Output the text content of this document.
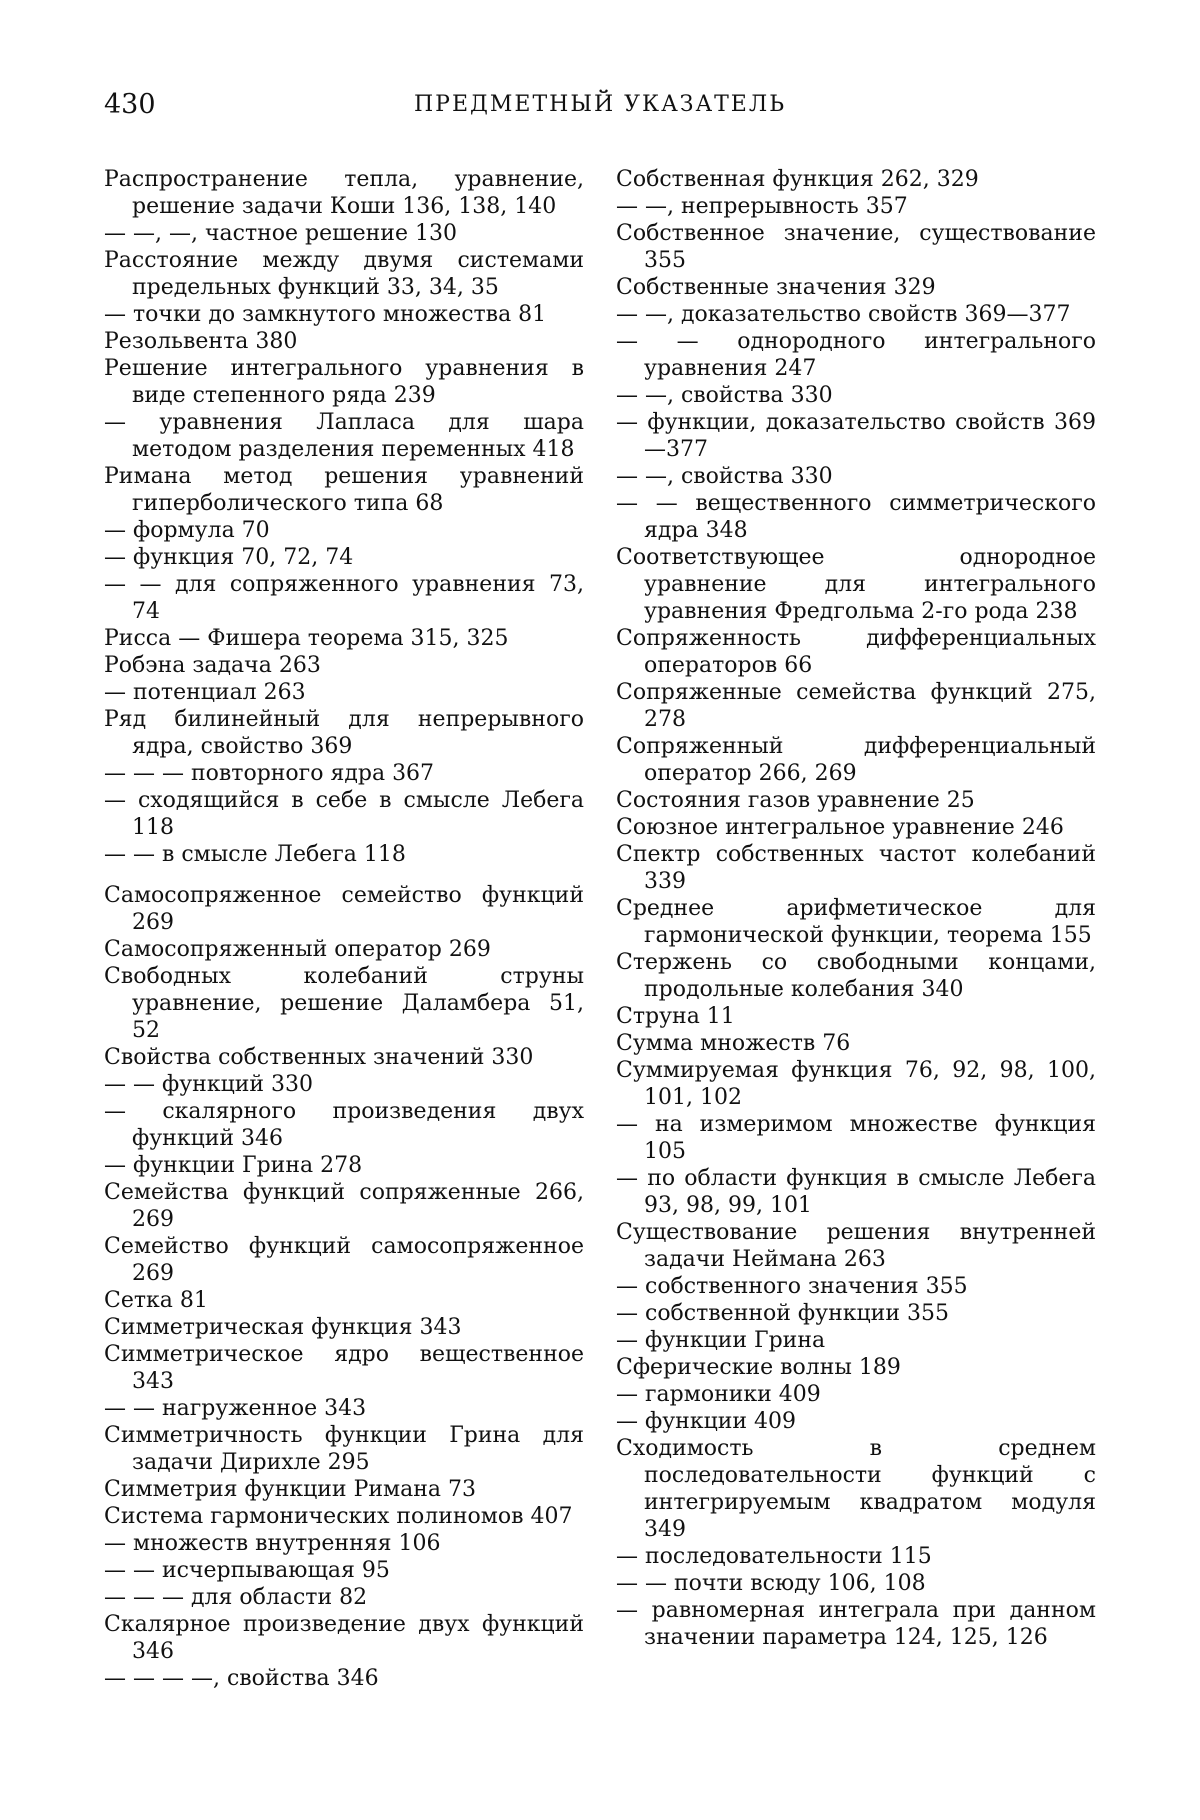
430	ПРЕДМЕТНЫЙ УКАЗАТЕЛЬ
Распространение тепла, уравнение, решение задачи Коши 136, 138, 140
— —, —, частное решение 130
Расстояние между двумя системами предельных функций 33, 34, 35
— точки до замкнутого множества 81
Резольвента 380
Решение интегрального уравнения в виде степенного ряда 239
— уравнения Лапласа для шара методом разделения переменных 418
Римана метод решения уравнений гиперболического типа 68
— формула 70
— функция 70, 72, 74
— — для сопряженного уравнения 73, 74
Рисса — Фишера теорема 315, 325
Робэна задача 263
— потенциал 263
Ряд билинейный для непрерывного ядра, свойство 369
— — — повторного ядра 367
— сходящийся в себе в смысле Лебега 118
— — в смысле Лебега 118
Самосопряженное семейство функций 269
Самосопряженный оператор 269
Свободных колебаний струны уравнение, решение Даламбера 51, 52
Свойства собственных значений 330
— — функций 330
— скалярного произведения двух функций 346
— функции Грина 278
Семейства функций сопряженные 266, 269
Семейство функций самосопряженное 269
Сетка 81
Симметрическая функция 343
Симметрическое ядро вещественное 343
— — нагруженное 343
Симметричность функции Грина для задачи Дирихле 295
Симметрия функции Римана 73
Система гармонических полиномов 407
— множеств внутренняя 106
— — исчерпывающая 95
— — — для области 82
Скалярное произведение двух функций 346
— — — —, свойства 346
Собственная функция 262, 329
— —, непрерывность 357
Собственное значение, существование 355
Собственные значения 329
— —, доказательство свойств 369—377
— — однородного интегрального уравнения 247
— —, свойства 330
— функции, доказательство свойств 369—377
— —, свойства 330
— — вещественного симметрического ядра 348
Соответствующее однородное уравнение для интегрального уравнения Фредгольма 2-го рода 238
Сопряженность дифференциальных операторов 66
Сопряженные семейства функций 275, 278
Сопряженный дифференциальный оператор 266, 269
Состояния газов уравнение 25
Союзное интегральное уравнение 246
Спектр собственных частот колебаний 339
Среднее арифметическое для гармонической функции, теорема 155
Стержень со свободными концами, продольные колебания 340
Струна 11
Сумма множеств 76
Суммируемая функция 76, 92, 98, 100, 101, 102
— на измеримом множестве функция 105
— по области функция в смысле Лебега 93, 98, 99, 101
Существование решения внутренней задачи Неймана 263
— собственного значения 355
— собственной функции 355
— функции Грина
Сферические волны 189
— гармоники 409
— функции 409
Сходимость в среднем последовательности функций с интегрируемым квадратом модуля 349
— последовательности 115
— — почти всюду 106, 108
— равномерная интеграла при данном значении параметра 124, 125, 126
